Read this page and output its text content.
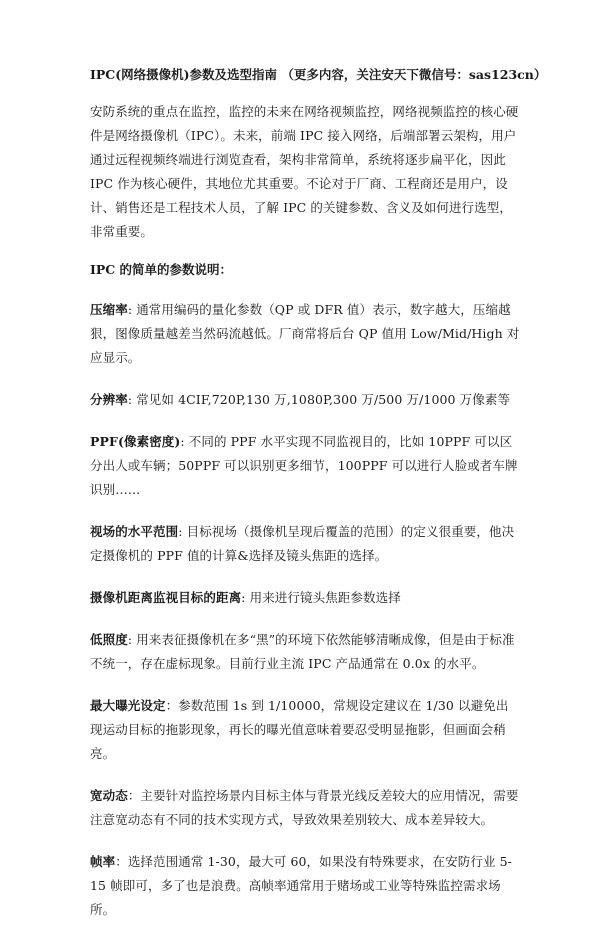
IPC(网络摄像机)参数及选型指南 （更多内容，关注安天下微信号：sas123cn）
安防系统的重点在监控，监控的未来在网络视频监控，网络视频监控的核心硬件是网络摄像机（IPC）。未来，前端 IPC 接入网络，后端部署云架构，用户通过远程视频终端进行浏览查看，架构非常简单，系统将逐步扁平化，因此 IPC 作为核心硬件，其地位尤其重要。不论对于厂商、工程商还是用户，设计、销售还是工程技术人员，了解 IPC 的关键参数、含义及如何进行选型，非常重要。
IPC 的简单的参数说明：
压缩率: 通常用编码的量化参数（QP 或 DFR 值）表示，数字越大，压缩越狠，图像质量越差当然码流越低。厂商常将后台 QP 值用 Low/Mid/High 对应显示。
分辨率: 常见如 4CIF,720P,130 万,1080P,300 万/500 万/1000 万像素等
PPF(像素密度): 不同的 PPF 水平实现不同监视目的，比如 10PPF 可以区分出人或车辆；50PPF 可以识别更多细节，100PPF 可以进行人脸或者车牌识别……
视场的水平范围: 目标视场（摄像机呈现后覆盖的范围）的定义很重要，他决定摄像机的 PPF 值的计算&选择及镜头焦距的选择。
摄像机距离监视目标的距离: 用来进行镜头焦距参数选择
低照度: 用来表征摄像机在多“黑”的环境下依然能够清晰成像，但是由于标准不统一，存在虚标现象。目前行业主流 IPC 产品通常在 0.0x 的水平。
最大曝光设定：参数范围 1s 到 1/10000，常规设定建议在 1/30 以避免出现运动目标的拖影现象，再长的曝光值意味着要忍受明显拖影，但画面会稍亮。
宽动态：主要针对监控场景内目标主体与背景光线反差较大的应用情况，需要注意宽动态有不同的技术实现方式，导致效果差别较大、成本差异较大。
帧率：选择范围通常 1-30，最大可 60，如果没有特殊要求，在安防行业 5-15 帧即可，多了也是浪费。高帧率通常用于赌场或工业等特殊监控需求场所。
